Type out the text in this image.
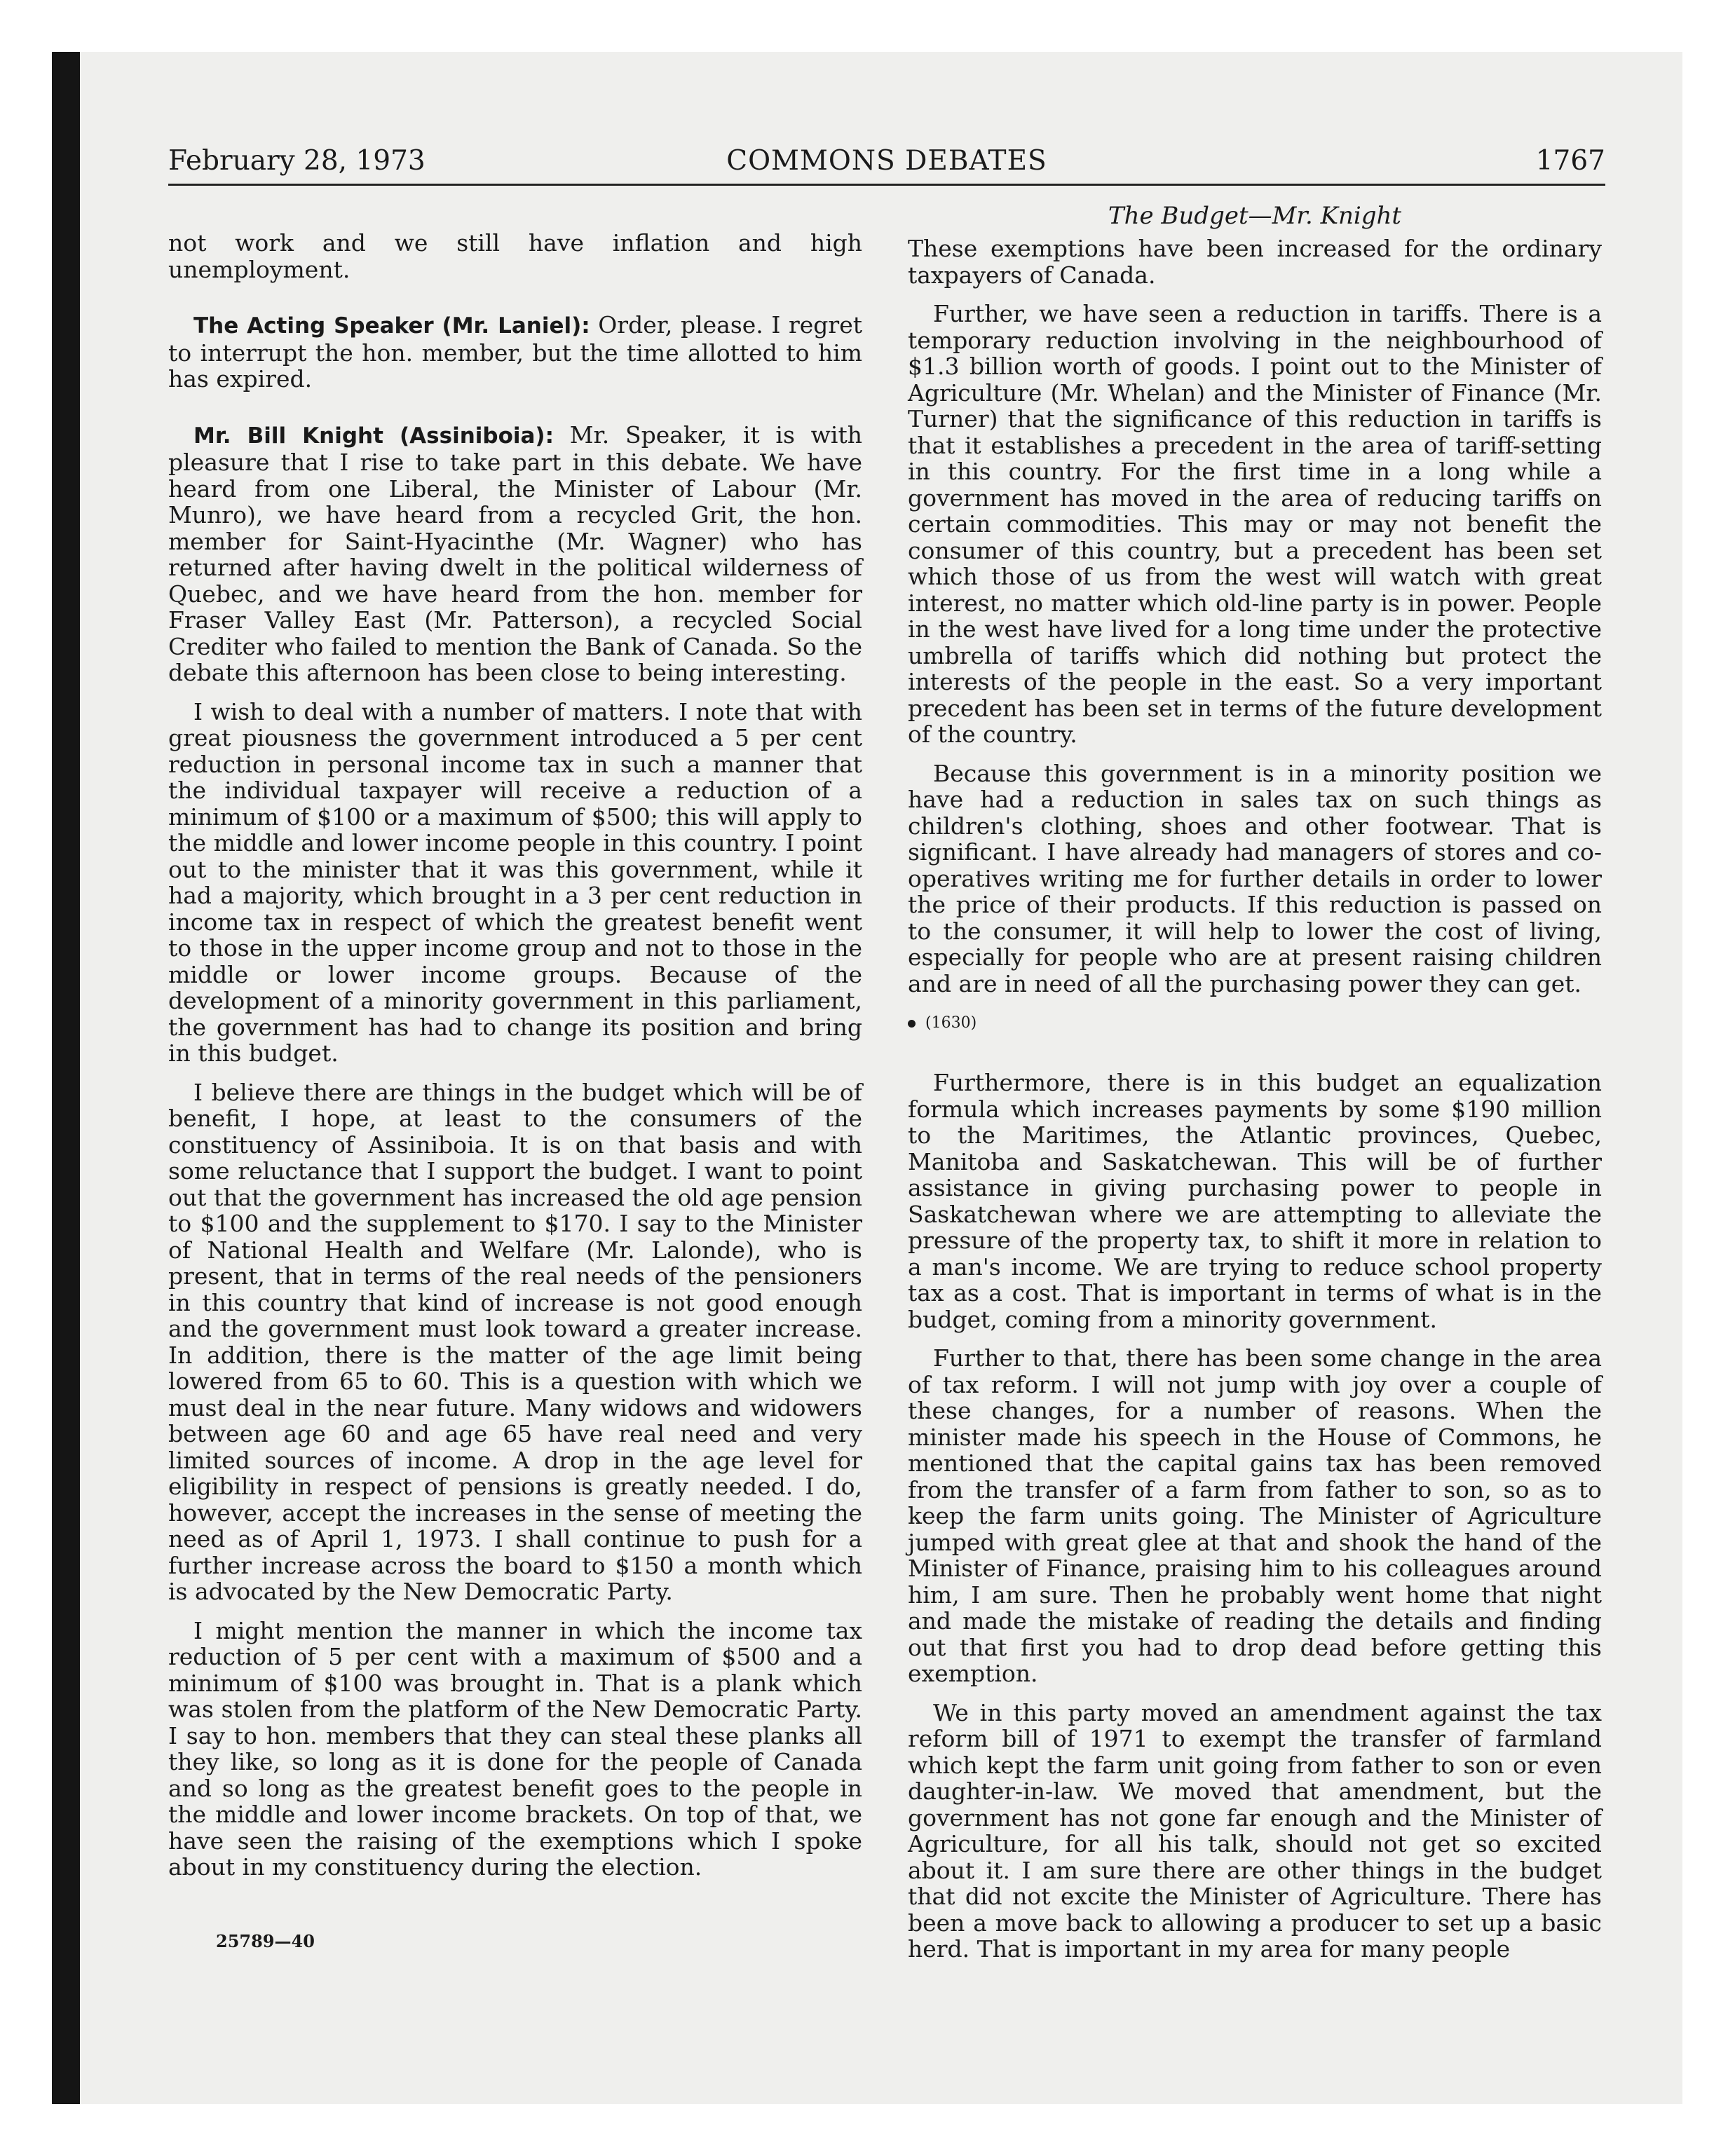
February 28, 1973	COMMONS DEBATES	1767

not work and we still have inflation and high unemployment.

The Acting Speaker (Mr. Laniel): Order, please. I regret to interrupt the hon. member, but the time allotted to him has expired.

Mr. Bill Knight (Assiniboia): Mr. Speaker, it is with pleasure that I rise to take part in this debate. We have heard from one Liberal, the Minister of Labour (Mr. Munro), we have heard from a recycled Grit, the hon. member for Saint-Hyacinthe (Mr. Wagner) who has returned after having dwelt in the political wilderness of Quebec, and we have heard from the hon. member for Fraser Valley East (Mr. Patterson), a recycled Social Crediter who failed to mention the Bank of Canada. So the debate this afternoon has been close to being interesting.

I wish to deal with a number of matters. I note that with great piousness the government introduced a 5 per cent reduction in personal income tax in such a manner that the individual taxpayer will receive a reduction of a minimum of $100 or a maximum of $500; this will apply to the middle and lower income people in this country. I point out to the minister that it was this government, while it had a majority, which brought in a 3 per cent reduction in income tax in respect of which the greatest benefit went to those in the upper income group and not to those in the middle or lower income groups. Because of the development of a minority government in this parliament, the government has had to change its position and bring in this budget.

I believe there are things in the budget which will be of benefit, I hope, at least to the consumers of the constituency of Assiniboia. It is on that basis and with some reluctance that I support the budget. I want to point out that the government has increased the old age pension to $100 and the supplement to $170. I say to the Minister of National Health and Welfare (Mr. Lalonde), who is present, that in terms of the real needs of the pensioners in this country that kind of increase is not good enough and the government must look toward a greater increase. In addition, there is the matter of the age limit being lowered from 65 to 60. This is a question with which we must deal in the near future. Many widows and widowers between age 60 and age 65 have real need and very limited sources of income. A drop in the age level for eligibility in respect of pensions is greatly needed. I do, however, accept the increases in the sense of meeting the need as of April 1, 1973. I shall continue to push for a further increase across the board to $150 a month which is advocated by the New Democratic Party.

I might mention the manner in which the income tax reduction of 5 per cent with a maximum of $500 and a minimum of $100 was brought in. That is a plank which was stolen from the platform of the New Democratic Party. I say to hon. members that they can steal these planks all they like, so long as it is done for the people of Canada and so long as the greatest benefit goes to the people in the middle and lower income brackets. On top of that, we have seen the raising of the exemptions which I spoke about in my constituency during the election.

The Budget—Mr. Knight

These exemptions have been increased for the ordinary taxpayers of Canada.

Further, we have seen a reduction in tariffs. There is a temporary reduction involving in the neighbourhood of $1.3 billion worth of goods. I point out to the Minister of Agriculture (Mr. Whelan) and the Minister of Finance (Mr. Turner) that the significance of this reduction in tariffs is that it establishes a precedent in the area of tariff-setting in this country. For the first time in a long while a government has moved in the area of reducing tariffs on certain commodities. This may or may not benefit the consumer of this country, but a precedent has been set which those of us from the west will watch with great interest, no matter which old-line party is in power. People in the west have lived for a long time under the protective umbrella of tariffs which did nothing but protect the interests of the people in the east. So a very important precedent has been set in terms of the future development of the country.

Because this government is in a minority position we have had a reduction in sales tax on such things as children's clothing, shoes and other footwear. That is significant. I have already had managers of stores and co-operatives writing me for further details in order to lower the price of their products. If this reduction is passed on to the consumer, it will help to lower the cost of living, especially for people who are at present raising children and are in need of all the purchasing power they can get.

(1630)

Furthermore, there is in this budget an equalization formula which increases payments by some $190 million to the Maritimes, the Atlantic provinces, Quebec, Manitoba and Saskatchewan. This will be of further assistance in giving purchasing power to people in Saskatchewan where we are attempting to alleviate the pressure of the property tax, to shift it more in relation to a man's income. We are trying to reduce school property tax as a cost. That is important in terms of what is in the budget, coming from a minority government.

Further to that, there has been some change in the area of tax reform. I will not jump with joy over a couple of these changes, for a number of reasons. When the minister made his speech in the House of Commons, he mentioned that the capital gains tax has been removed from the transfer of a farm from father to son, so as to keep the farm units going. The Minister of Agriculture jumped with great glee at that and shook the hand of the Minister of Finance, praising him to his colleagues around him, I am sure. Then he probably went home that night and made the mistake of reading the details and finding out that first you had to drop dead before getting this exemption.

We in this party moved an amendment against the tax reform bill of 1971 to exempt the transfer of farmland which kept the farm unit going from father to son or even daughter-in-law. We moved that amendment, but the government has not gone far enough and the Minister of Agriculture, for all his talk, should not get so excited about it. I am sure there are other things in the budget that did not excite the Minister of Agriculture. There has been a move back to allowing a producer to set up a basic herd. That is important in my area for many people

25789—40
